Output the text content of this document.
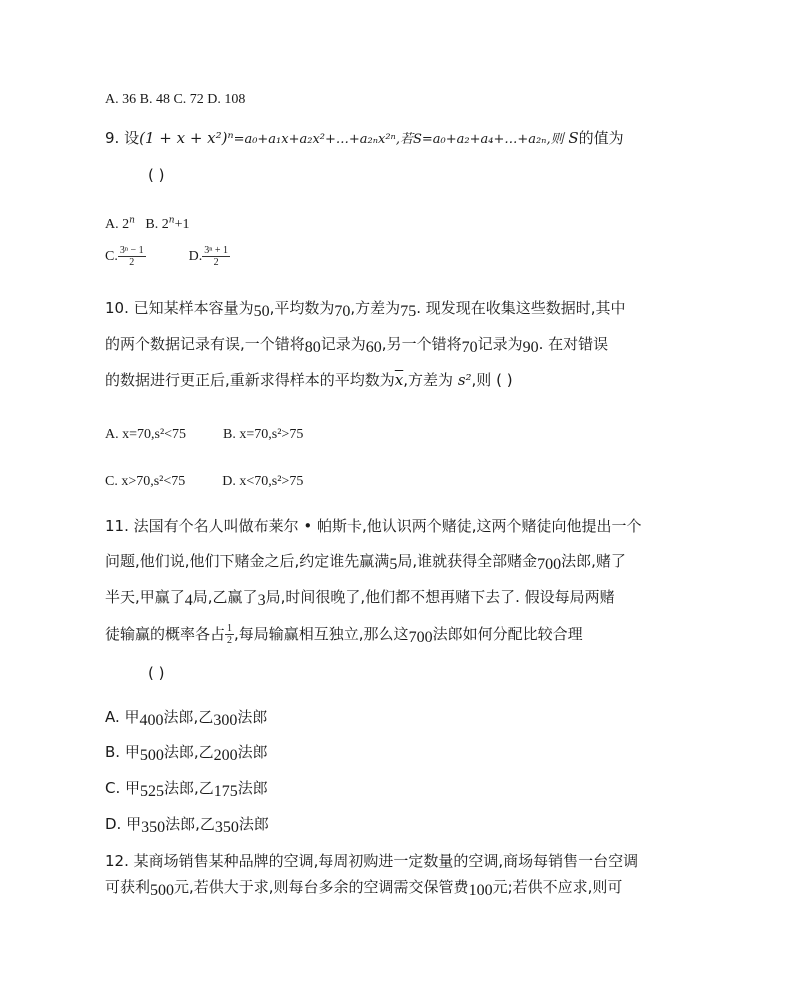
A. 36 B. 48 C. 72 D. 108
9. 设(1 + x + x²)ⁿ=a₀+a₁x+a₂x²+…+a₂ₙx²ⁿ,若S=a₀+a₂+a₄+…+a₂ₙ,则 S的值为
( )
A. 2$^n$ B. $2^n+1$
C. $\frac{\text{3ⁿ − 1}}{2}$	D. $\frac{\text{3ⁿ + 1}}{2}$
10. 已知某样本容量为50,平均数为70,方差为75. 现发现在收集这些数据时,其中
的两个数据记录有误,一个错将80记录为60,另一个错将70记录为90. 在对错误
的数据进行更正后,重新求得样本的平均数为$\overline{x}$,方差为 s²,则 ( )
A. x=70,s²<75	B. x=70,s²>75
C. x>70,s²<75	D. x<70,s²>75
11. 法国有个名人叫做布莱尔 • 帕斯卡,他认识两个赌徒,这两个赌徒向他提出一个
问题,他们说,他们下赌金之后,约定谁先赢满5局,谁就获得全部赌金700法郎,赌了
半天,甲赢了4局,乙赢了3局,时间很晚了,他们都不想再赌下去了. 假设每局两赌
徒输赢的概率各占 $\frac{1}{2}$ ,每局输赢相互独立,那么这700法郎如何分配比较合理
( )
A. 甲400法郎,乙300法郎
B. 甲500法郎,乙200法郎
C. 甲525法郎,乙175法郎
D. 甲350法郎,乙350法郎
12. 某商场销售某种品牌的空调,每周初购进一定数量的空调,商场每销售一台空调
可获利500元,若供大于求,则每台多余的空调需交保管费100元;若供不应求,则可
